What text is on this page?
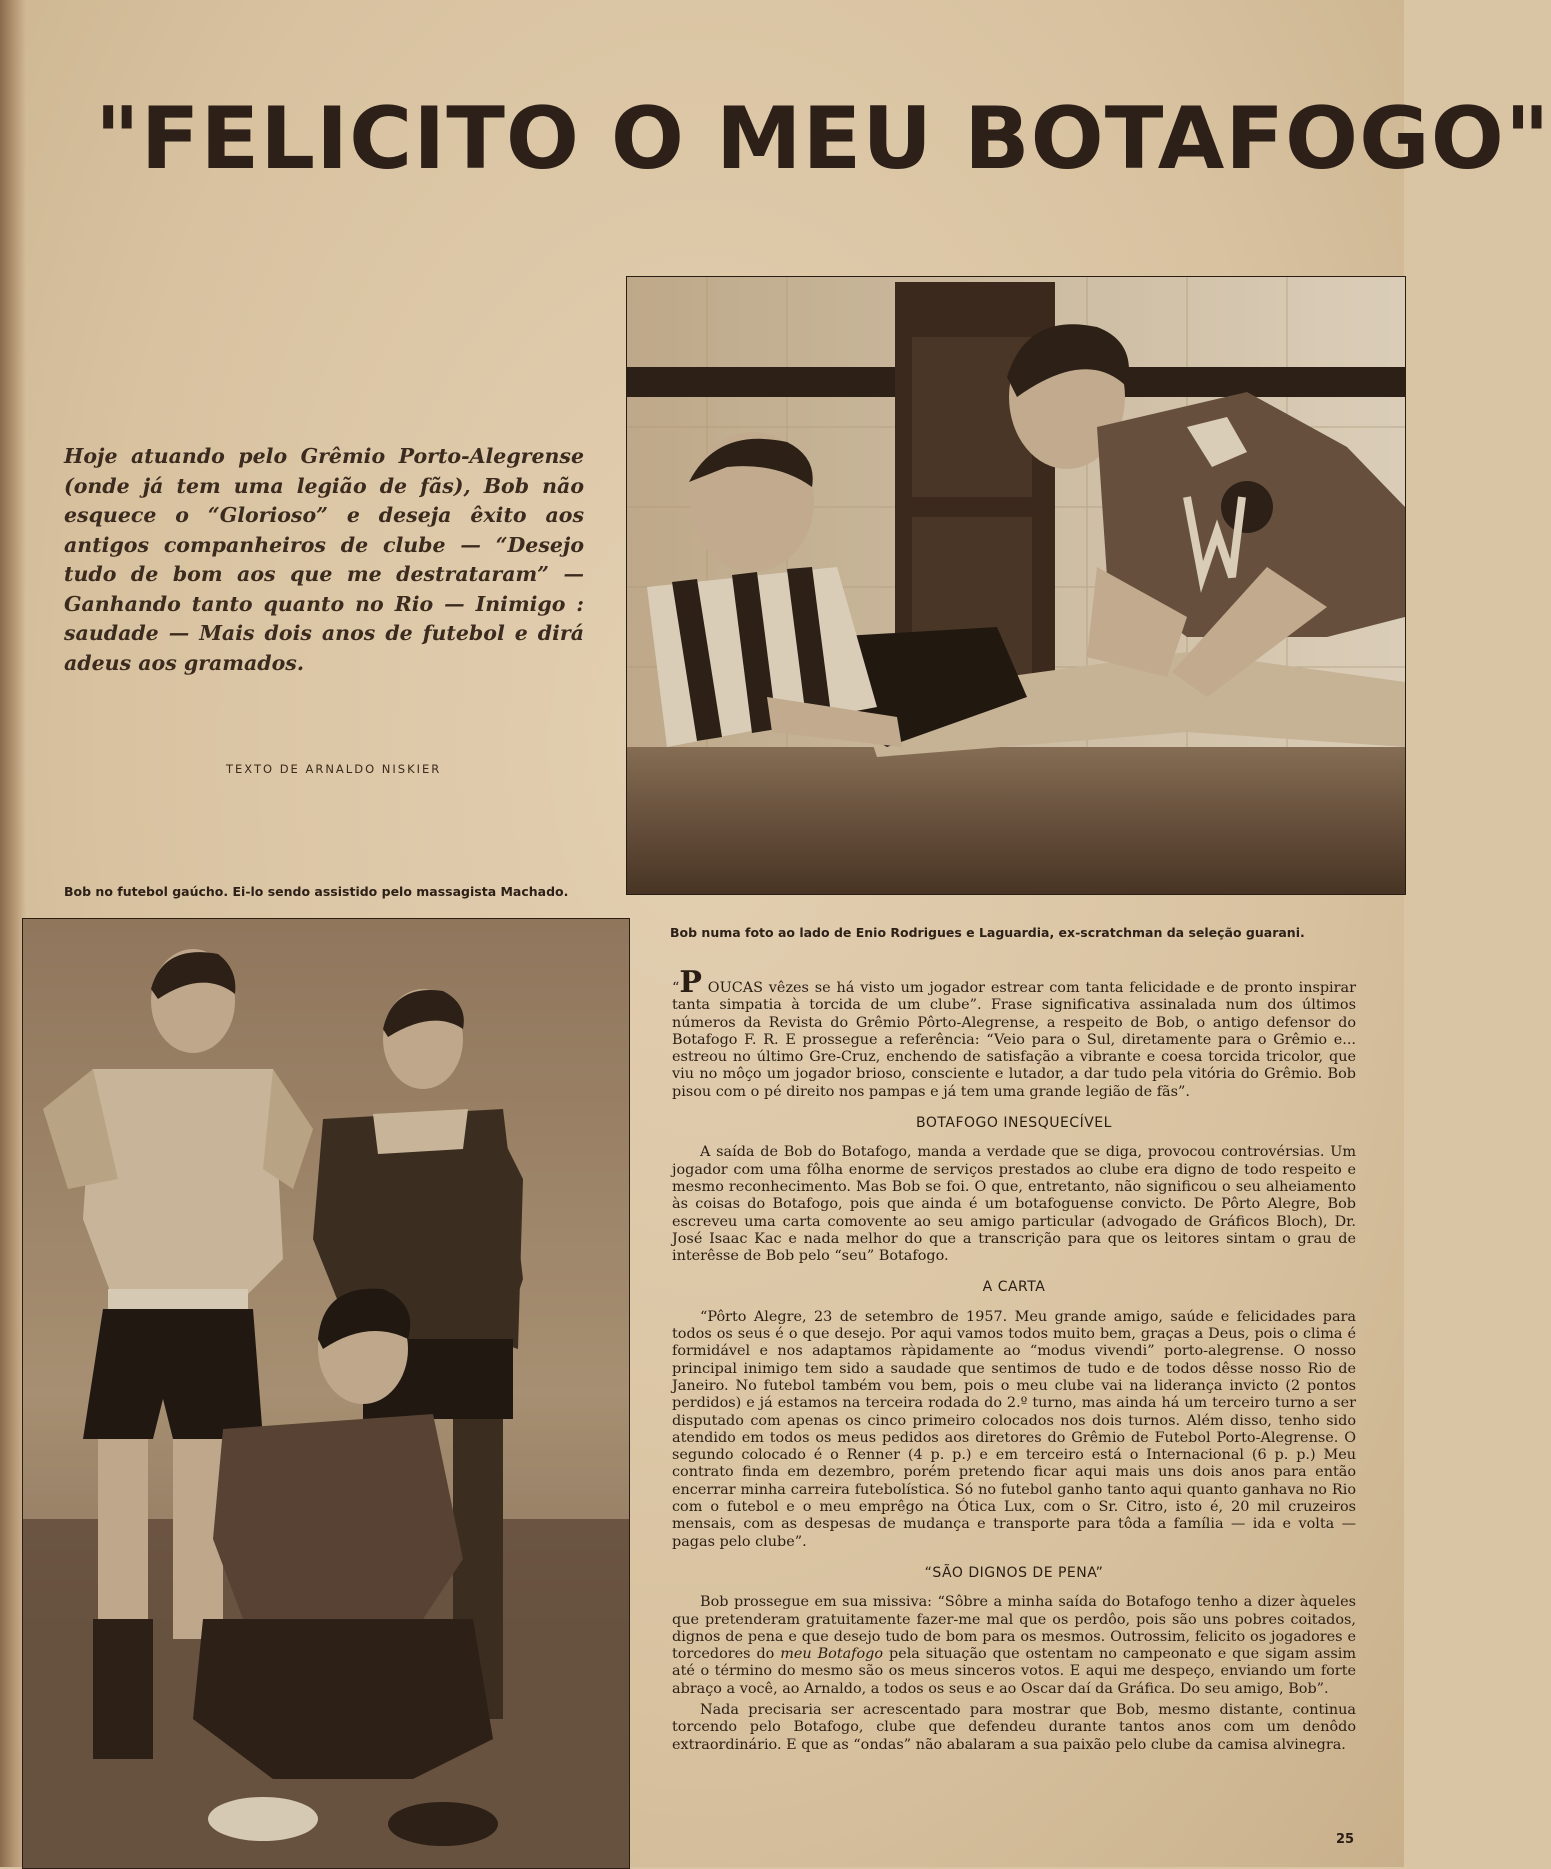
"FELICITO O MEU BOTAFOGO"
Hoje atuando pelo Grêmio Porto-Alegrense (onde já tem uma legião de fãs), Bob não esquece o “Glorioso” e deseja êxito aos antigos companheiros de clube — “Desejo tudo de bom aos que me destrataram” — Ganhando tanto quanto no Rio — Inimigo : saudade — Mais dois anos de futebol e dirá adeus aos gramados.
TEXTO DE ARNALDO NISKIER
Bob no futebol gaúcho. Ei-lo sendo assistido pelo massagista Machado.
Bob numa foto ao lado de Enio Rodrigues e Laguardia, ex-scratchman da seleção guarani.

“P OUCAS vêzes se há visto um jogador estrear com tanta felicidade e de pronto inspirar tanta simpatia à torcida de um clube”. Frase significativa assinalada num dos últimos números da Revista do Grêmio Pôrto-Alegrense, a respeito de Bob, o antigo defensor do Botafogo F. R. E prossegue a referência: “Veio para o Sul, diretamente para o Grêmio e... estreou no último Gre-Cruz, enchendo de satisfação a vibrante e coesa torcida tricolor, que viu no môço um jogador brioso, consciente e lutador, a dar tudo pela vitória do Grêmio. Bob pisou com o pé direito nos pampas e já tem uma grande legião de fãs”.

BOTAFOGO INESQUECÍVEL

A saída de Bob do Botafogo, manda a verdade que se diga, provocou controvérsias. Um jogador com uma fôlha enorme de serviços prestados ao clube era digno de todo respeito e mesmo reconhecimento. Mas Bob se foi. O que, entretanto, não significou o seu alheiamento às coisas do Botafogo, pois que ainda é um botafoguense convicto. De Pôrto Alegre, Bob escreveu uma carta comovente ao seu amigo particular (advogado de Gráficos Bloch), Dr. José Isaac Kac e nada melhor do que a transcrição para que os leitores sintam o grau de interêsse de Bob pelo “seu” Botafogo.

A CARTA

“Pôrto Alegre, 23 de setembro de 1957. Meu grande amigo, saúde e felicidades para todos os seus é o que desejo. Por aqui vamos todos muito bem, graças a Deus, pois o clima é formidável e nos adaptamos ràpidamente ao “modus vivendi” porto-alegrense. O nosso principal inimigo tem sido a saudade que sentimos de tudo e de todos dêsse nosso Rio de Janeiro. No futebol também vou bem, pois o meu clube vai na liderança invicto (2 pontos perdidos) e já estamos na terceira rodada do 2.º turno, mas ainda há um terceiro turno a ser disputado com apenas os cinco primeiro colocados nos dois turnos. Além disso, tenho sido atendido em todos os meus pedidos aos diretores do Grêmio de Futebol Porto-Alegrense. O segundo colocado é o Renner (4 p. p.) e em terceiro está o Internacional (6 p. p.) Meu contrato finda em dezembro, porém pretendo ficar aqui mais uns dois anos para então encerrar minha carreira futebolística. Só no futebol ganho tanto aqui quanto ganhava no Rio com o futebol e o meu emprêgo na Ótica Lux, com o Sr. Citro, isto é, 20 mil cruzeiros mensais, com as despesas de mudança e transporte para tôda a família — ida e volta — pagas pelo clube”.

“SÃO DIGNOS DE PENA”

Bob prossegue em sua missiva: “Sôbre a minha saída do Botafogo tenho a dizer àqueles que pretenderam gratuitamente fazer-me mal que os perdôo, pois são uns pobres coitados, dignos de pena e que desejo tudo de bom para os mesmos. Outrossim, felicito os jogadores e torcedores do meu Botafogo pela situação que ostentam no campeonato e que sigam assim até o término do mesmo são os meus sinceros votos. E aqui me despeço, enviando um forte abraço a você, ao Arnaldo, a todos os seus e ao Oscar daí da Gráfica. Do seu amigo, Bob”.

Nada precisaria ser acrescentado para mostrar que Bob, mesmo distante, continua torcendo pelo Botafogo, clube que defendeu durante tantos anos com um denôdo extraordinário. E que as “ondas” não abalaram a sua paixão pelo clube da camisa alvinegra.

25
